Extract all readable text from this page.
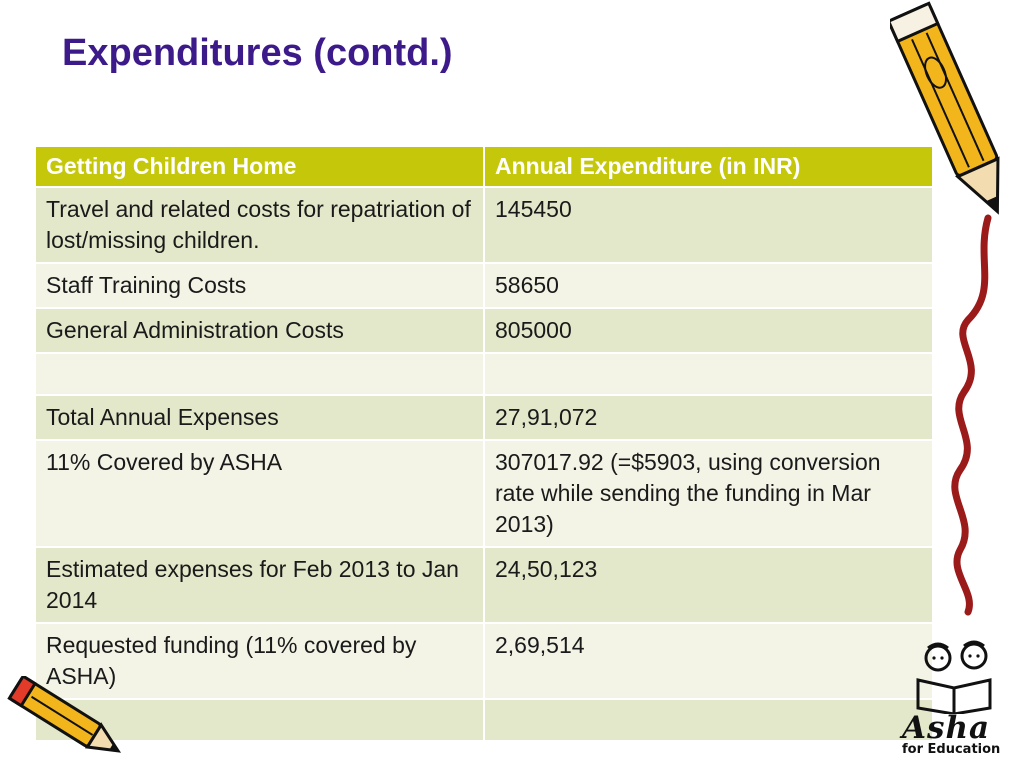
Expenditures (contd.)
Getting Children Home	Annual Expenditure (in INR)
Travel and related costs for repatriation of lost/missing children.	145450
Staff Training Costs	58650
General Administration Costs	805000

Total Annual Expenses	27,91,072
11% Covered by ASHA	307017.92 (=$5903, using conversion rate while sending the funding in Mar 2013)
Estimated expenses for Feb 2013 to Jan 2014	24,50,123
Requested funding (11% covered by ASHA)	2,69,514

Asha
for Education
